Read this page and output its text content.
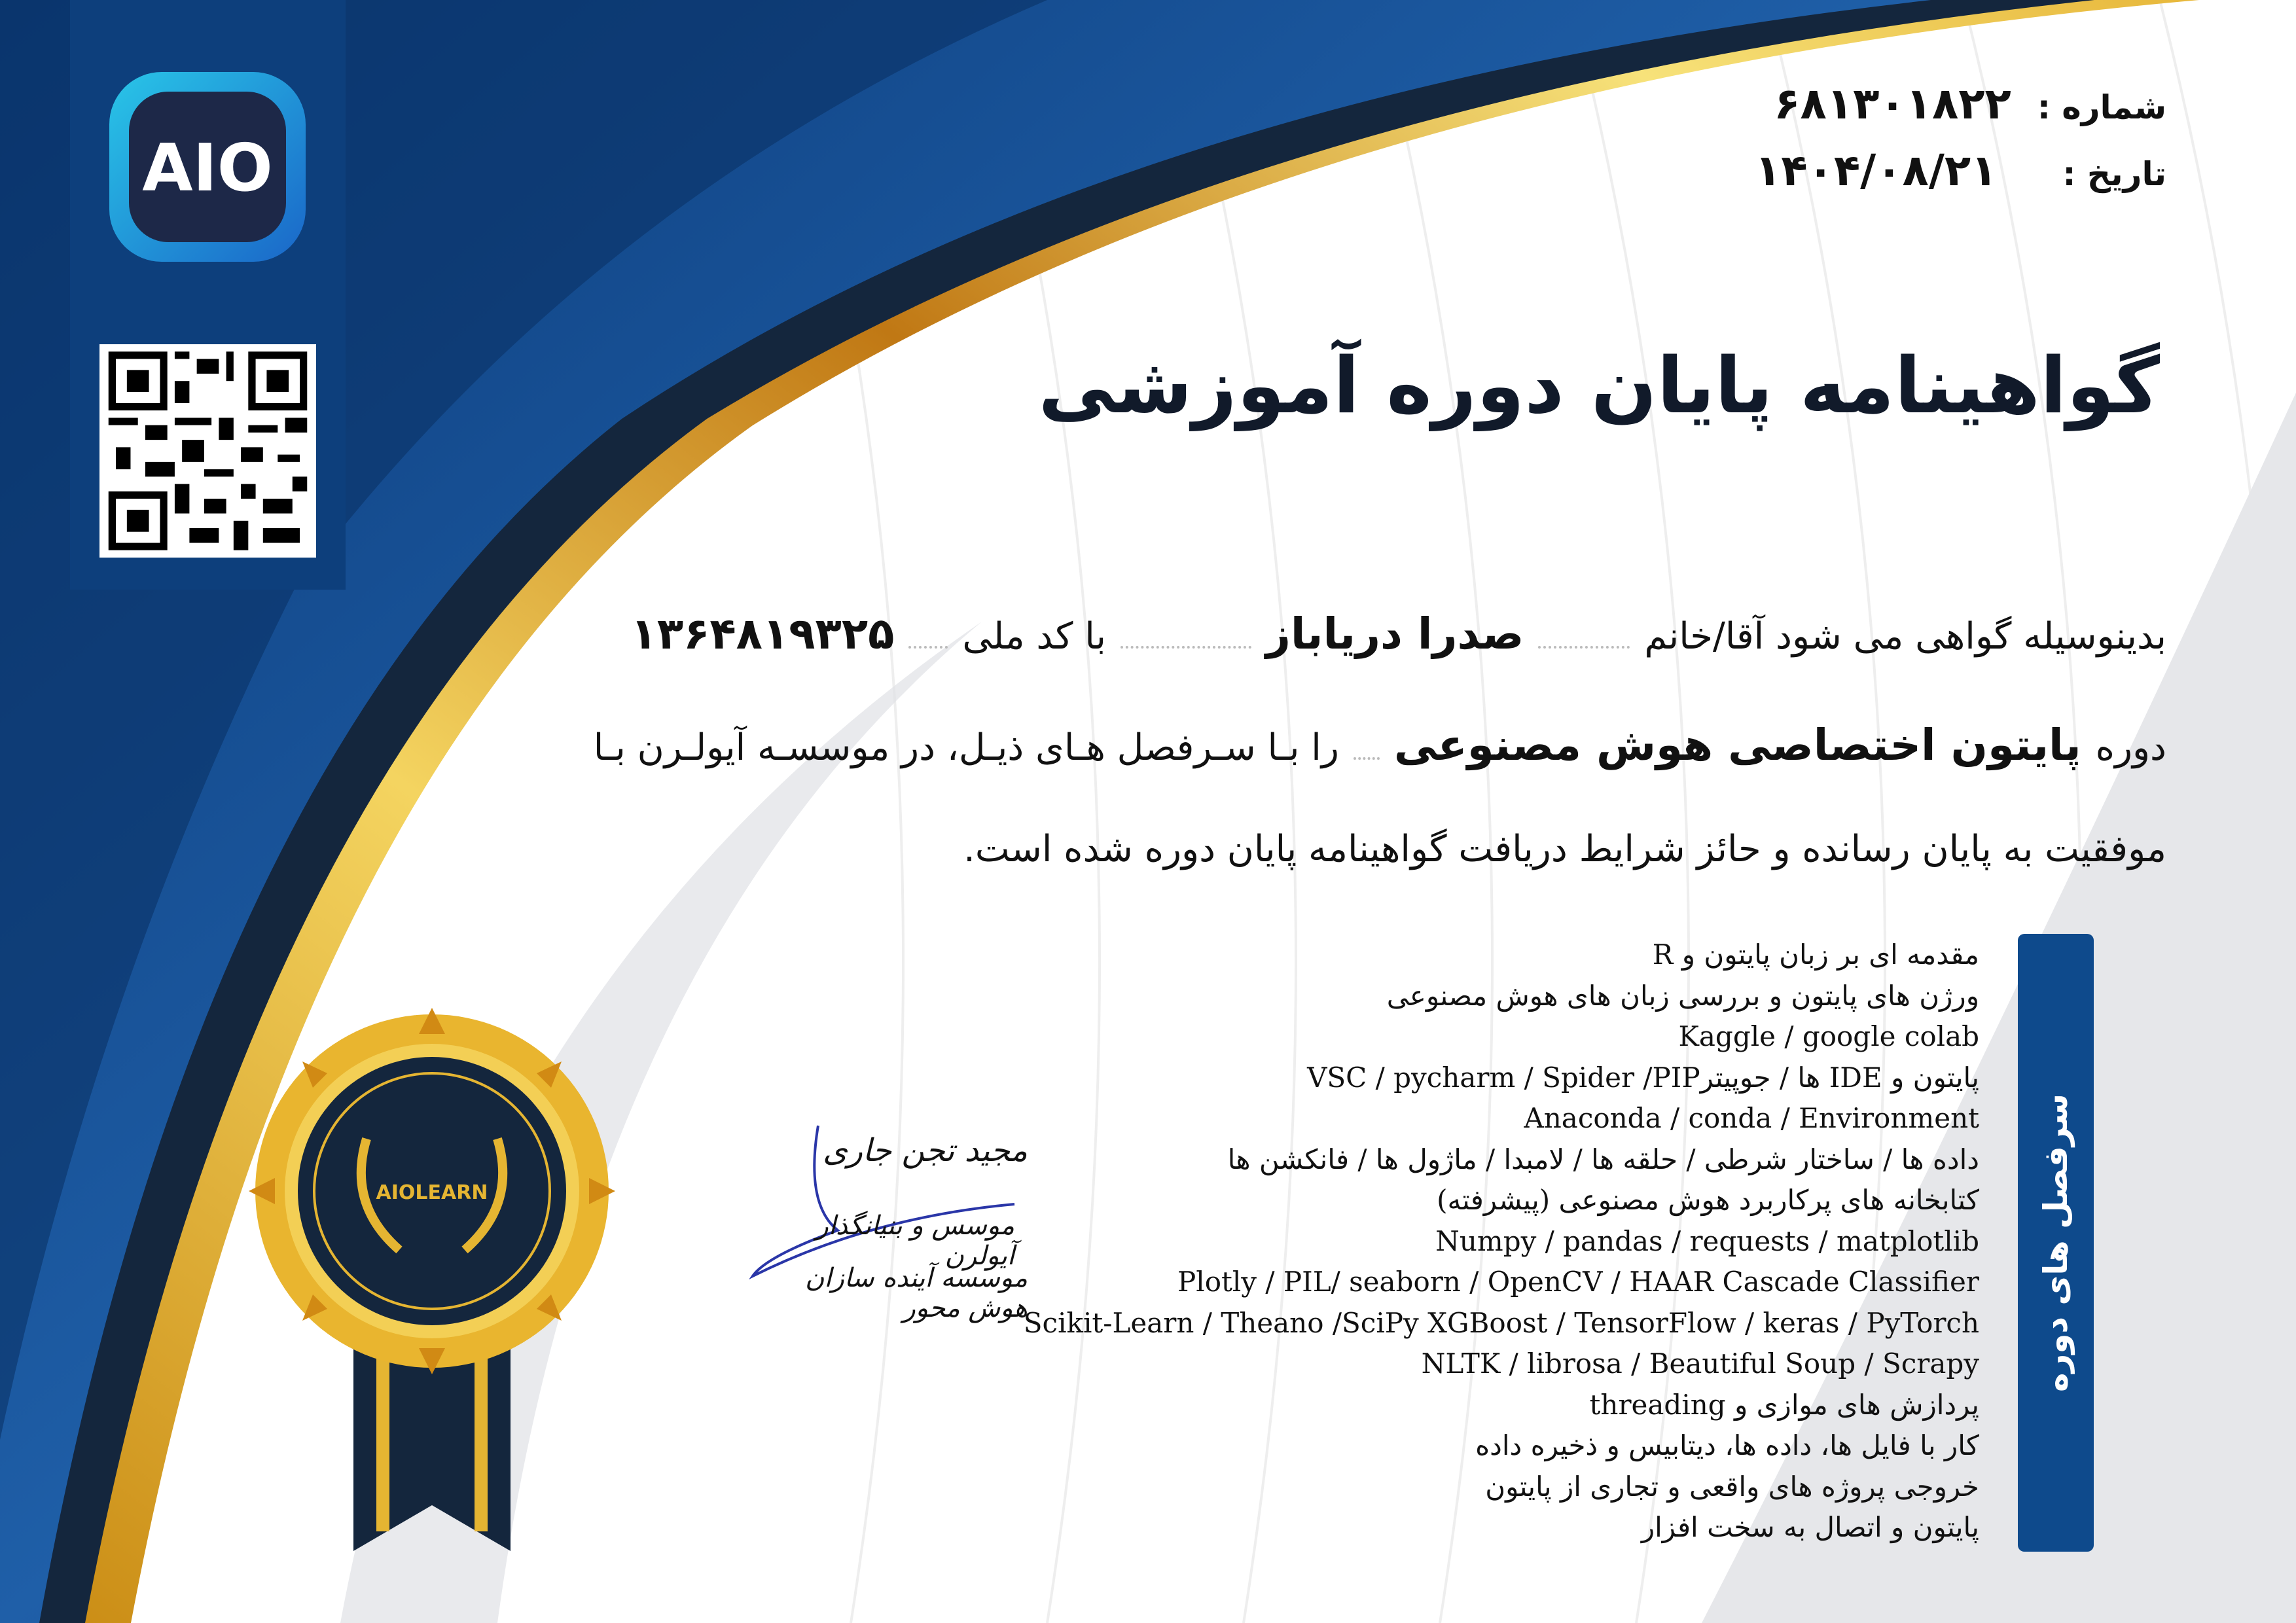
AIO
شماره :
۶۸۱۳۰۱۸۲۲
تاریخ :
۱۴۰۴/۰۸/۲۱
گواهینامه پایان دوره آموزشی
بدینوسیله گواهی می شود آقا/خانم
صدرا دریاباز
با کد ملی
۱۳۶۴۸۱۹۳۲۵
دوره
پایتون اختصاصی هوش مصنوعی
را بـا سـرفصل هـای ذیـل، در موسسـه آیولـرن بـا
موفقیت به پایان رسانده و حائز شرایط دریافت گواهینامه پایان دوره شده است.
مقدمه ای بر زبان پایتون و R
ورژن های پایتون و بررسی زبان های هوش مصنوعی
Kaggle / google colab
پایتون و IDE ها / جوپیترVSC / pycharm / Spider /PIP
Anaconda / conda / Environment
داده ها / ساختار شرطی / حلقه ها / لامبدا / ماژول ها / فانکشن ها
کتابخانه های پرکاربرد هوش مصنوعی (پیشرفته)
Numpy / pandas / requests / matplotlib
Plotly / PIL/ seaborn / OpenCV / HAAR Cascade Classifier
Scikit-Learn / Theano /SciPy XGBoost / TensorFlow / keras / PyTorch
NLTK / librosa / Beautiful Soup / Scrapy
پردازش های موازی و threading
کار با فایل ها، داده ها، دیتابیس و ذخیره داده
خروجی پروژه های واقعی و تجاری از پایتون
پایتون و اتصال به سخت افزار
سرفصل های دوره
AIOLEARN
مجید تجن جاری
موسس و بنیانگذار آیولرن
موسسه آینده سازان هوش محور
